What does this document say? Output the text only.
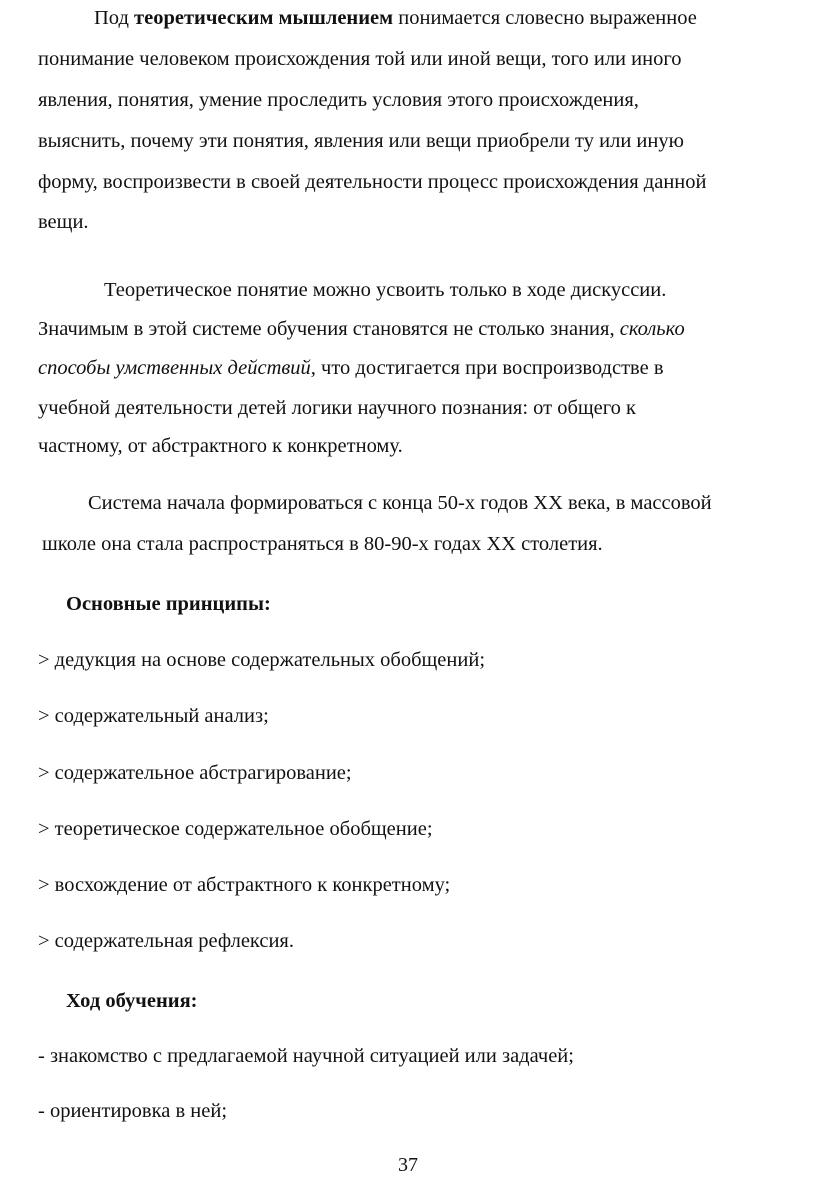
Под теоретическим мышлением понимается словесно выраженное
понимание человеком происхождения той или иной вещи, того или иного
явления, понятия, умение проследить условия этого происхождения,
выяснить, почему эти понятия, явления или вещи приобрели ту или иную
форму, воспроизвести в своей деятельности процесс происхождения данной
вещи.
Теоретическое понятие можно усвоить только в ходе дискуссии.
Значимым в этой системе обучения становятся не столько знания, сколько
способы умственных действий, что достигается при воспроизводстве в
учебной деятельности детей логики научного познания: от общего к
частному, от абстрактного к конкретному.
Система начала формироваться с конца 50-х годов XX века, в массовой
школе она стала распространяться в 80-90-х годах XX столетия.
Основные принципы:
> дедукция на основе содержательных обобщений;
> содержательный анализ;
> содержательное абстрагирование;
> теоретическое содержательное обобщение;
> восхождение от абстрактного к конкретному;
> содержательная рефлексия.
Ход обучения:
- знакомство с предлагаемой научной ситуацией или задачей;
- ориентировка в ней;
37
